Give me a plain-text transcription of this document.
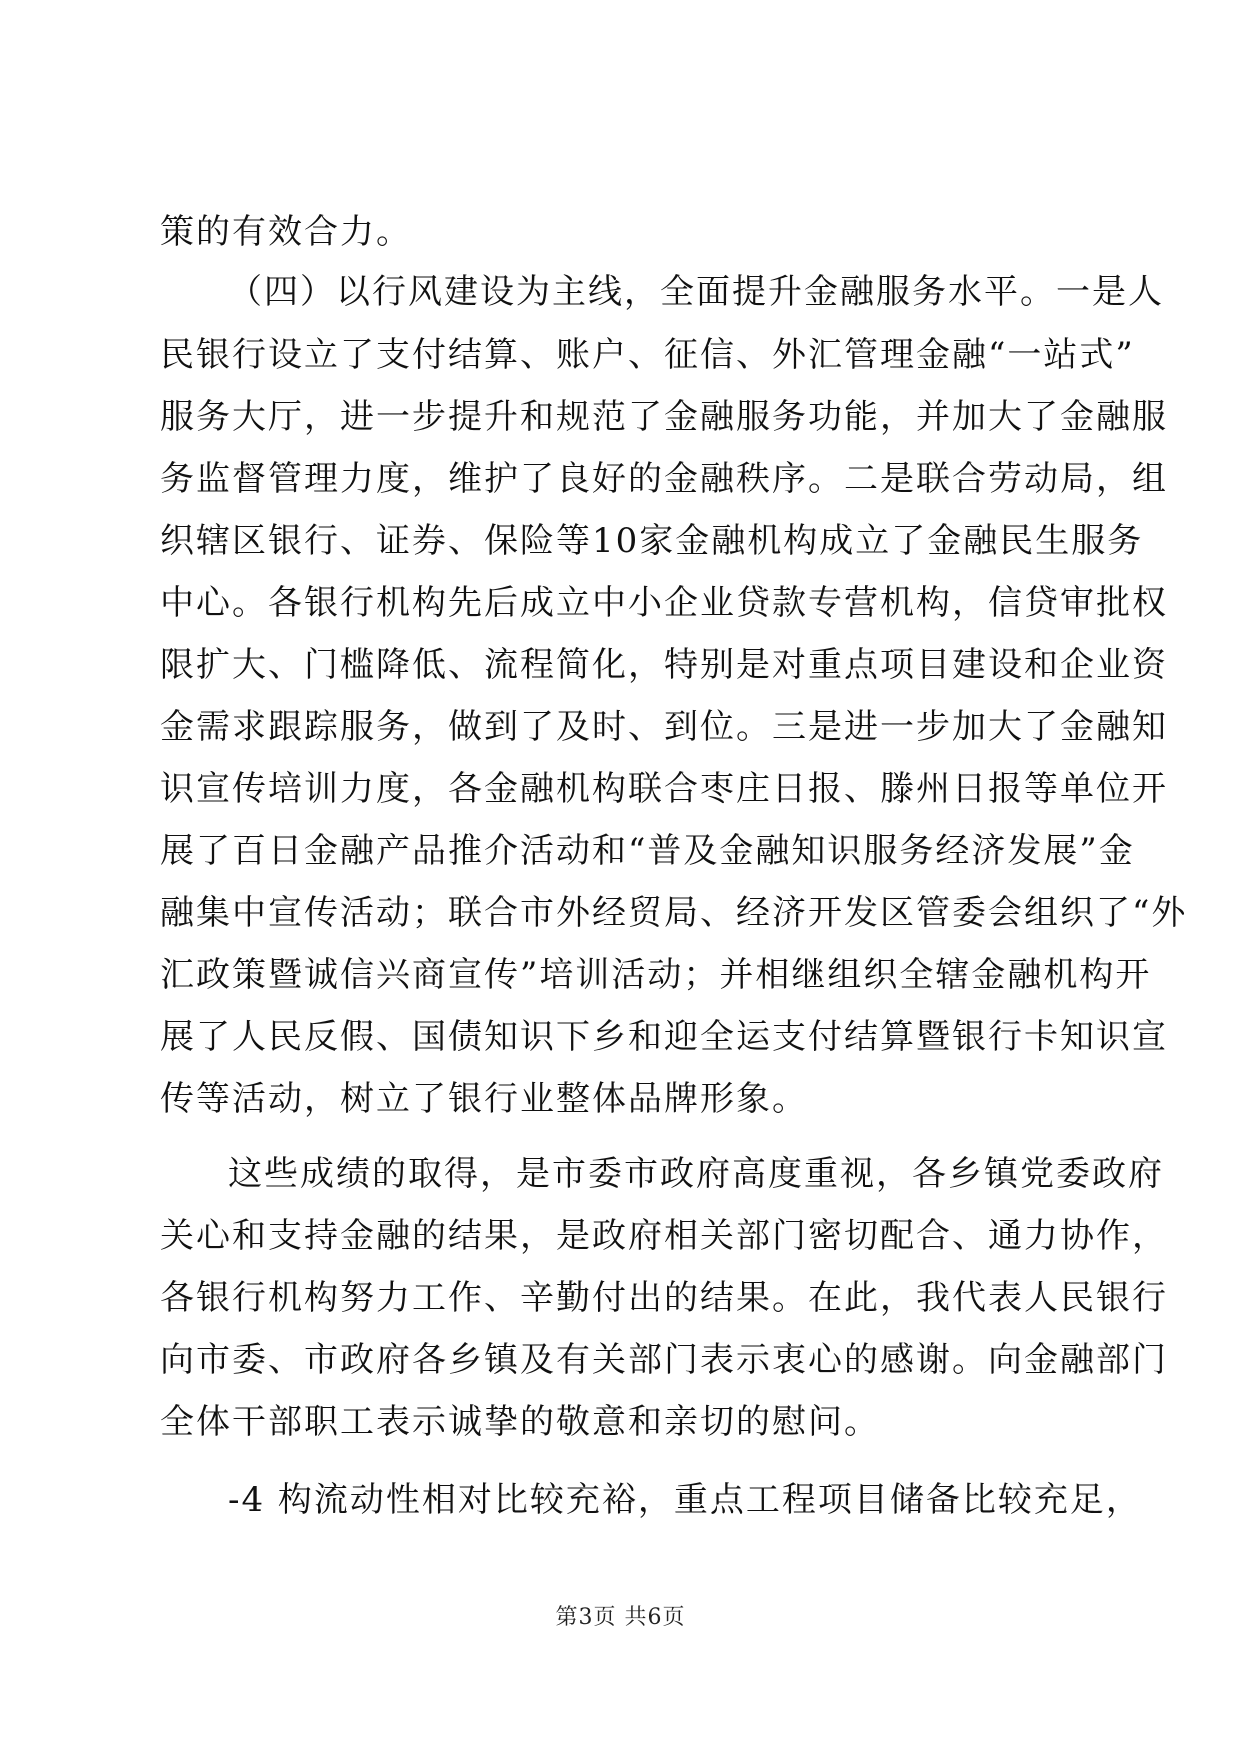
策的有效合力。
（四）以行风建设为主线，全面提升金融服务水平。一是人
民银行设立了支付结算、账户、征信、外汇管理金融“一站式”
服务大厅，进一步提升和规范了金融服务功能，并加大了金融服
务监督管理力度，维护了良好的金融秩序。二是联合劳动局，组
织辖区银行、证券、保险等10家金融机构成立了金融民生服务
中心。各银行机构先后成立中小企业贷款专营机构，信贷审批权
限扩大、门槛降低、流程简化，特别是对重点项目建设和企业资
金需求跟踪服务，做到了及时、到位。三是进一步加大了金融知
识宣传培训力度，各金融机构联合枣庄日报、滕州日报等单位开
展了百日金融产品推介活动和“普及金融知识服务经济发展”金
融集中宣传活动；联合市外经贸局、经济开发区管委会组织了“外
汇政策暨诚信兴商宣传”培训活动；并相继组织全辖金融机构开
展了人民反假、国债知识下乡和迎全运支付结算暨银行卡知识宣
传等活动，树立了银行业整体品牌形象。
这些成绩的取得，是市委市政府高度重视，各乡镇党委政府
关心和支持金融的结果，是政府相关部门密切配合、通力协作，
各银行机构努力工作、辛勤付出的结果。在此，我代表人民银行
向市委、市政府各乡镇及有关部门表示衷心的感谢。向金融部门
全体干部职工表示诚挚的敬意和亲切的慰问。
-4 构流动性相对比较充裕，重点工程项目储备比较充足，
第3页 共6页
